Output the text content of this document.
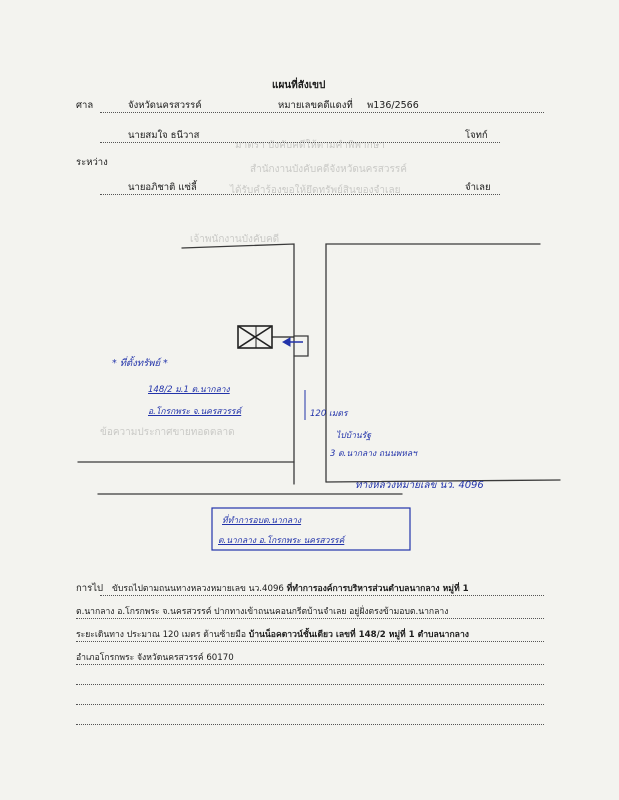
มาตรา บังคับคดีให้ตามคำพิพากษา
สำนักงานบังคับคดีจังหวัดนครสวรรค์
ได้รับคำร้องขอให้ยึดทรัพย์สินของจำเลย
เจ้าพนักงานบังคับคดี
ข้อความประกาศขายทอดตลาด
แผนที่สังเขป
ศาล	จังหวัดนครสวรรค์	หมายเลขคดีแดงที่ พ136/2566
นายสมใจ ธนีวาส	โจทก์
ระหว่าง
นายอภิชาติ แซ่ลี้	จำเลย
* ที่ตั้งทรัพย์ *
148/2 ม.1 ต.นากลาง
อ.โกรกพระ จ.นครสวรรค์	120 เมตร
ไปบ้านรัฐ
3 ต.นากลาง ถนนพหลฯ
ทางหลวงหมายเลข นว. 4096
ที่ทำการอบต.นากลาง
ต.นากลาง อ.โกรกพระ นครสวรรค์
การไป ขับรถไปตามถนนทางหลวงหมายเลข นว.4096 ที่ทำการองค์การบริหารส่วนตำบลนากลาง หมู่ที่ 1
ต.นากลาง อ.โกรกพระ จ.นครสวรรค์ ปากทางเข้าถนนคอนกรีตบ้านจำเลย อยู่ฝั่งตรงข้ามอบต.นากลาง
ระยะเดินทาง ประมาณ 120 เมตร ด้านซ้ายมือ บ้านน็อคดาวน์ชั้นเดียว เลขที่ 148/2 หมู่ที่ 1 ตำบลนากลาง
อำเภอโกรกพระ จังหวัดนครสวรรค์ 60170
